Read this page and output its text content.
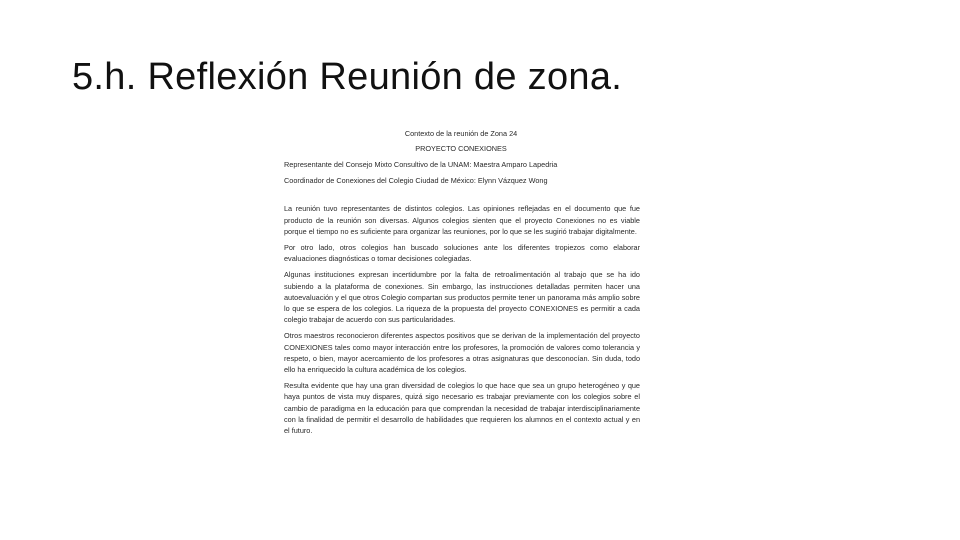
5.h. Reflexión Reunión de zona.

Contexto de la reunión de Zona 24

PROYECTO CONEXIONES

Representante del Consejo Mixto Consultivo de la UNAM: Maestra Amparo Lapedria

Coordinador de Conexiones del Colegio Ciudad de México: Elynn Vázquez Wong

La reunión tuvo representantes de distintos colegios. Las opiniones reflejadas en el documento que fue producto de la reunión son diversas. Algunos colegios sienten que el proyecto Conexiones no es viable porque el tiempo no es suficiente para organizar las reuniones, por lo que se les sugirió trabajar digitalmente.

Por otro lado, otros colegios han buscado soluciones ante los diferentes tropiezos como elaborar evaluaciones diagnósticas o tomar decisiones colegiadas.

Algunas instituciones expresan incertidumbre por la falta de retroalimentación al trabajo que se ha ido subiendo a la plataforma de conexiones. Sin embargo, las instrucciones detalladas permiten hacer una autoevaluación y el que otros Colegio compartan sus productos permite tener un panorama más amplio sobre lo que se espera de los colegios. La riqueza de la propuesta del proyecto CONEXIONES es permitir a cada colegio trabajar de acuerdo con sus particularidades.

Otros maestros reconocieron diferentes aspectos positivos que se derivan de la implementación del proyecto CONEXIONES tales como mayor interacción entre los profesores, la promoción de valores como tolerancia y respeto, o bien, mayor acercamiento de los profesores a otras asignaturas que desconocían. Sin duda, todo ello ha enriquecido la cultura académica de los colegios.

Resulta evidente que hay una gran diversidad de colegios lo que hace que sea un grupo heterogéneo y que haya puntos de vista muy dispares, quizá sigo necesario es trabajar previamente con los colegios sobre el cambio de paradigma en la educación para que comprendan la necesidad de trabajar interdisciplinariamente con la finalidad de permitir el desarrollo de habilidades que requieren los alumnos en el contexto actual y en el futuro.
